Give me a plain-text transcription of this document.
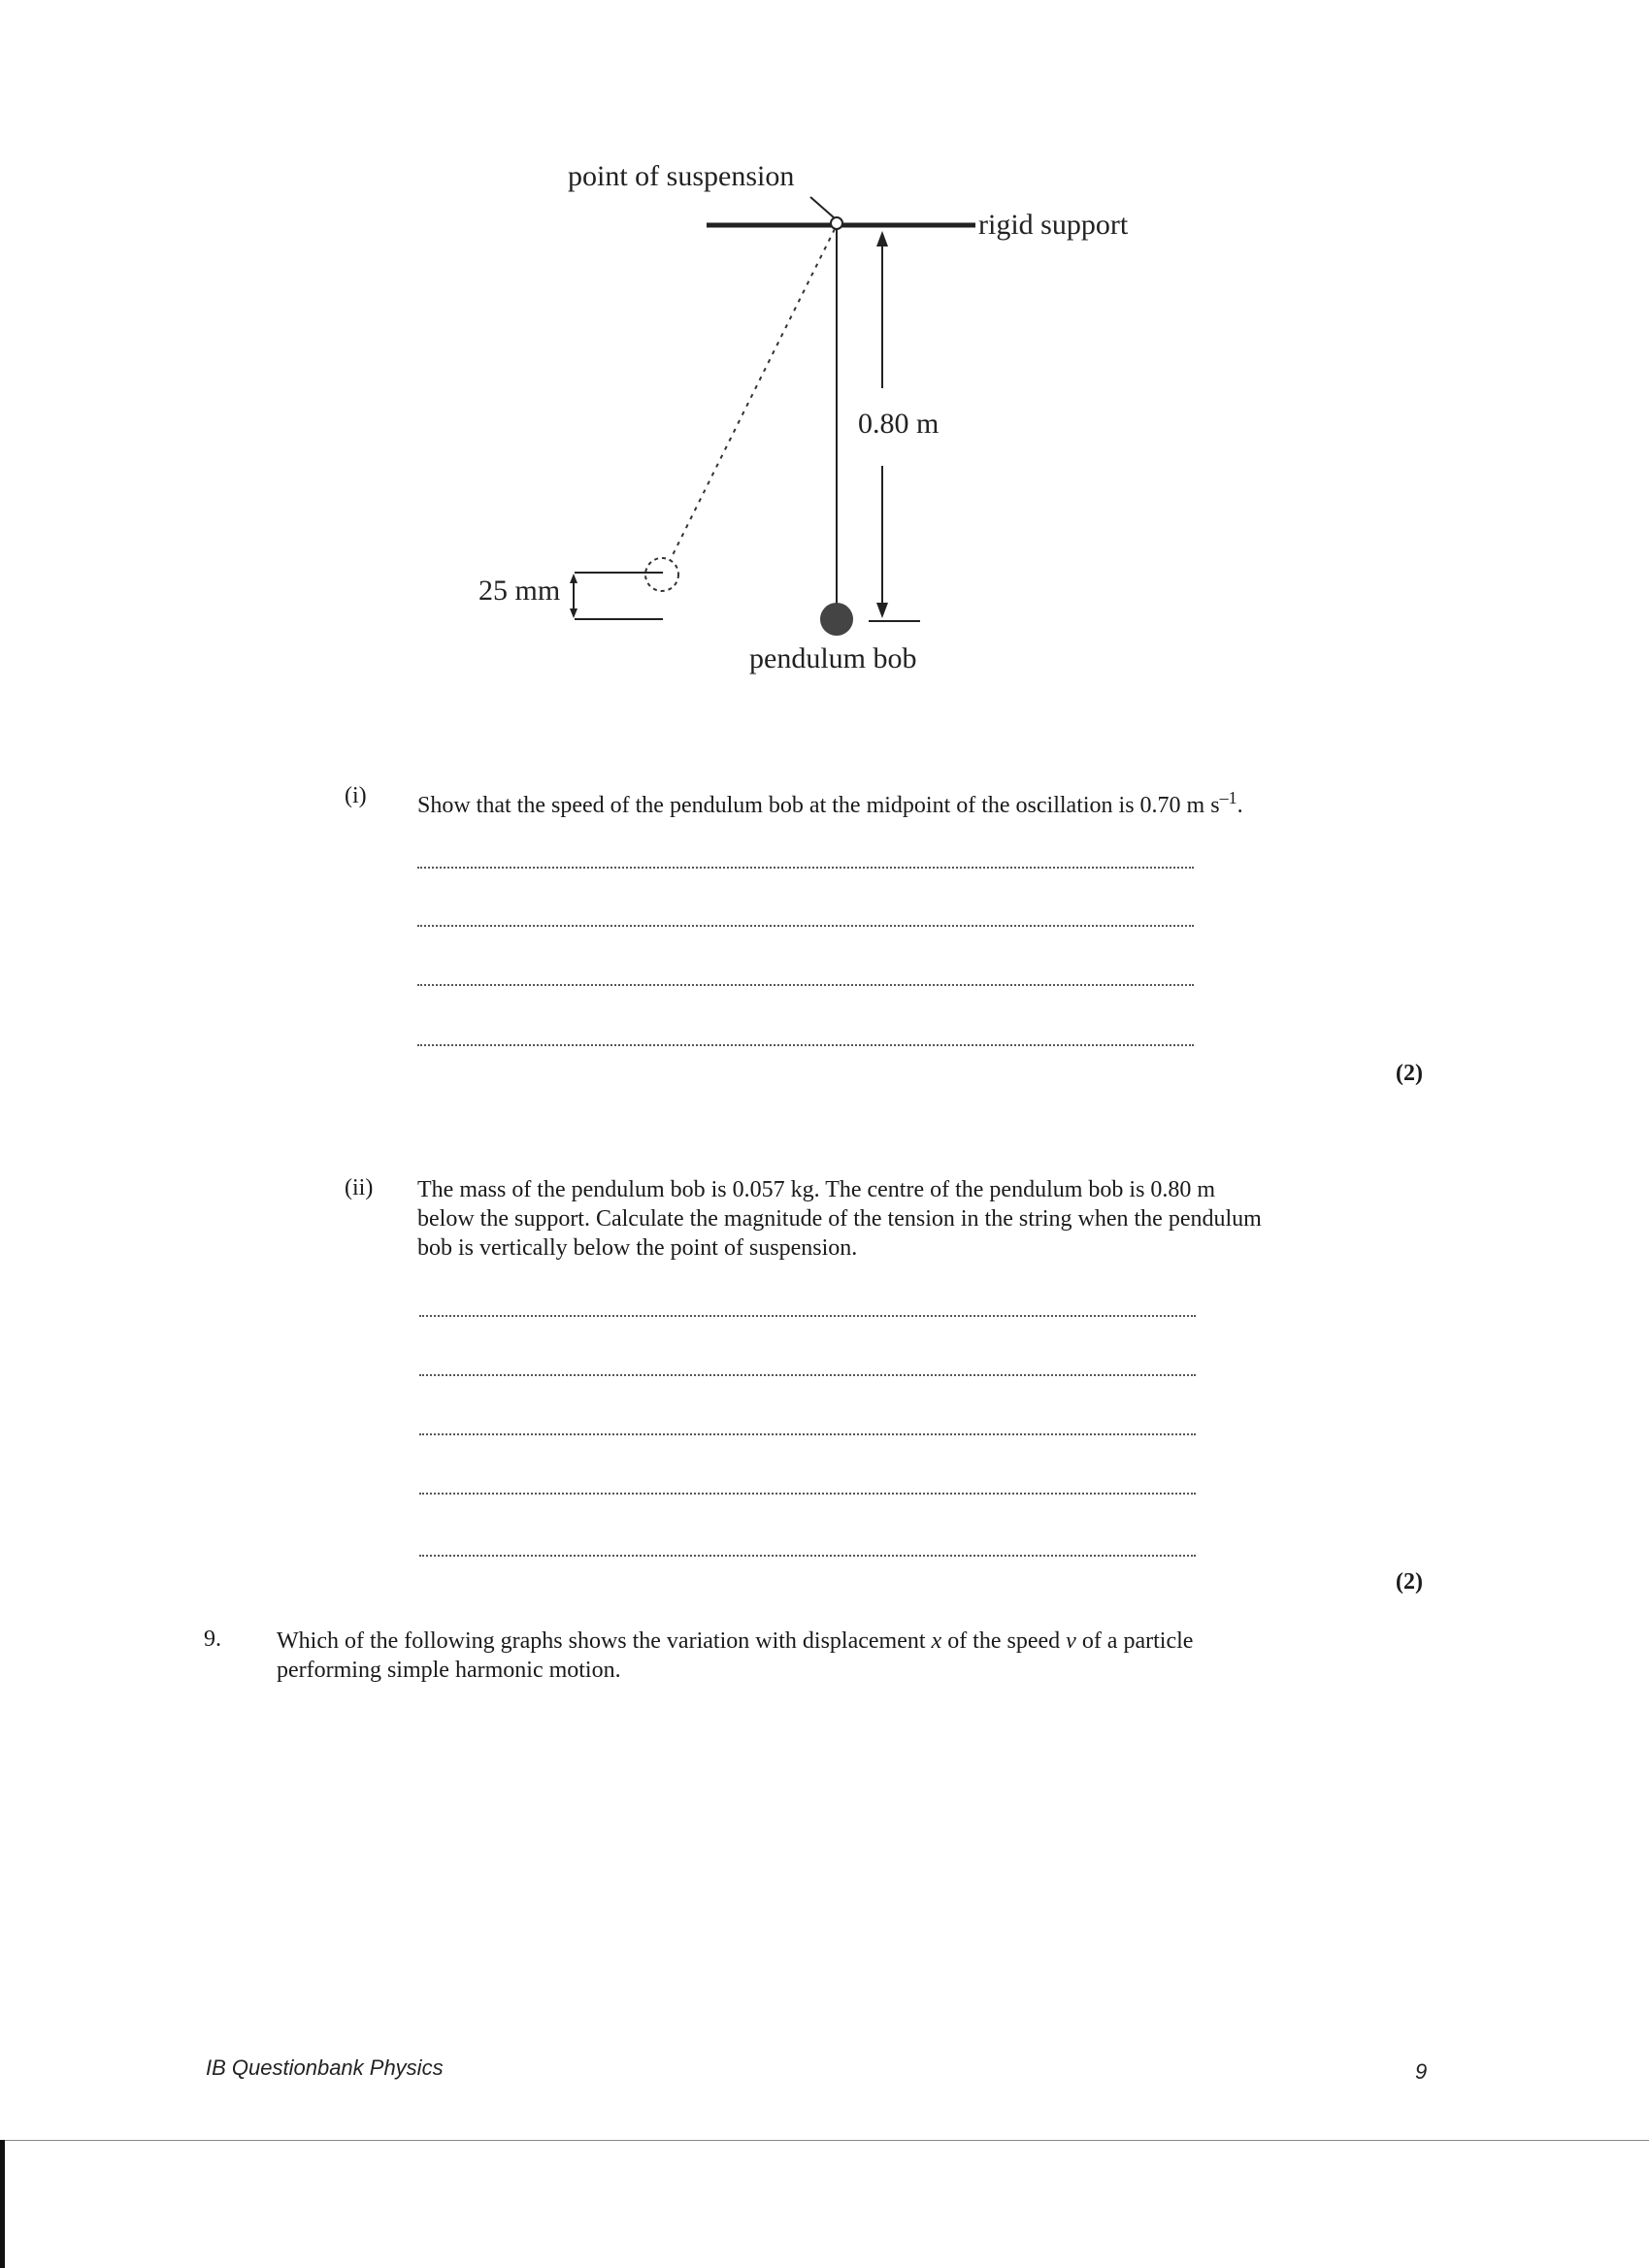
point of suspension
rigid support
0.80 m
25 mm
pendulum bob
(i) Show that the speed of the pendulum bob at the midpoint of the oscillation is 0.70 m $s^{-1}$.
(2)
(ii) The mass of the pendulum bob is 0.057 kg. The centre of the pendulum bob is 0.80 m
below the support. Calculate the magnitude of the tension in the string when the pendulum
bob is vertically below the point of suspension.
(2)
9. Which of the following graphs shows the variation with displacement x of the speed v of a particle
performing simple harmonic motion.
IB Questionbank Physics	9
